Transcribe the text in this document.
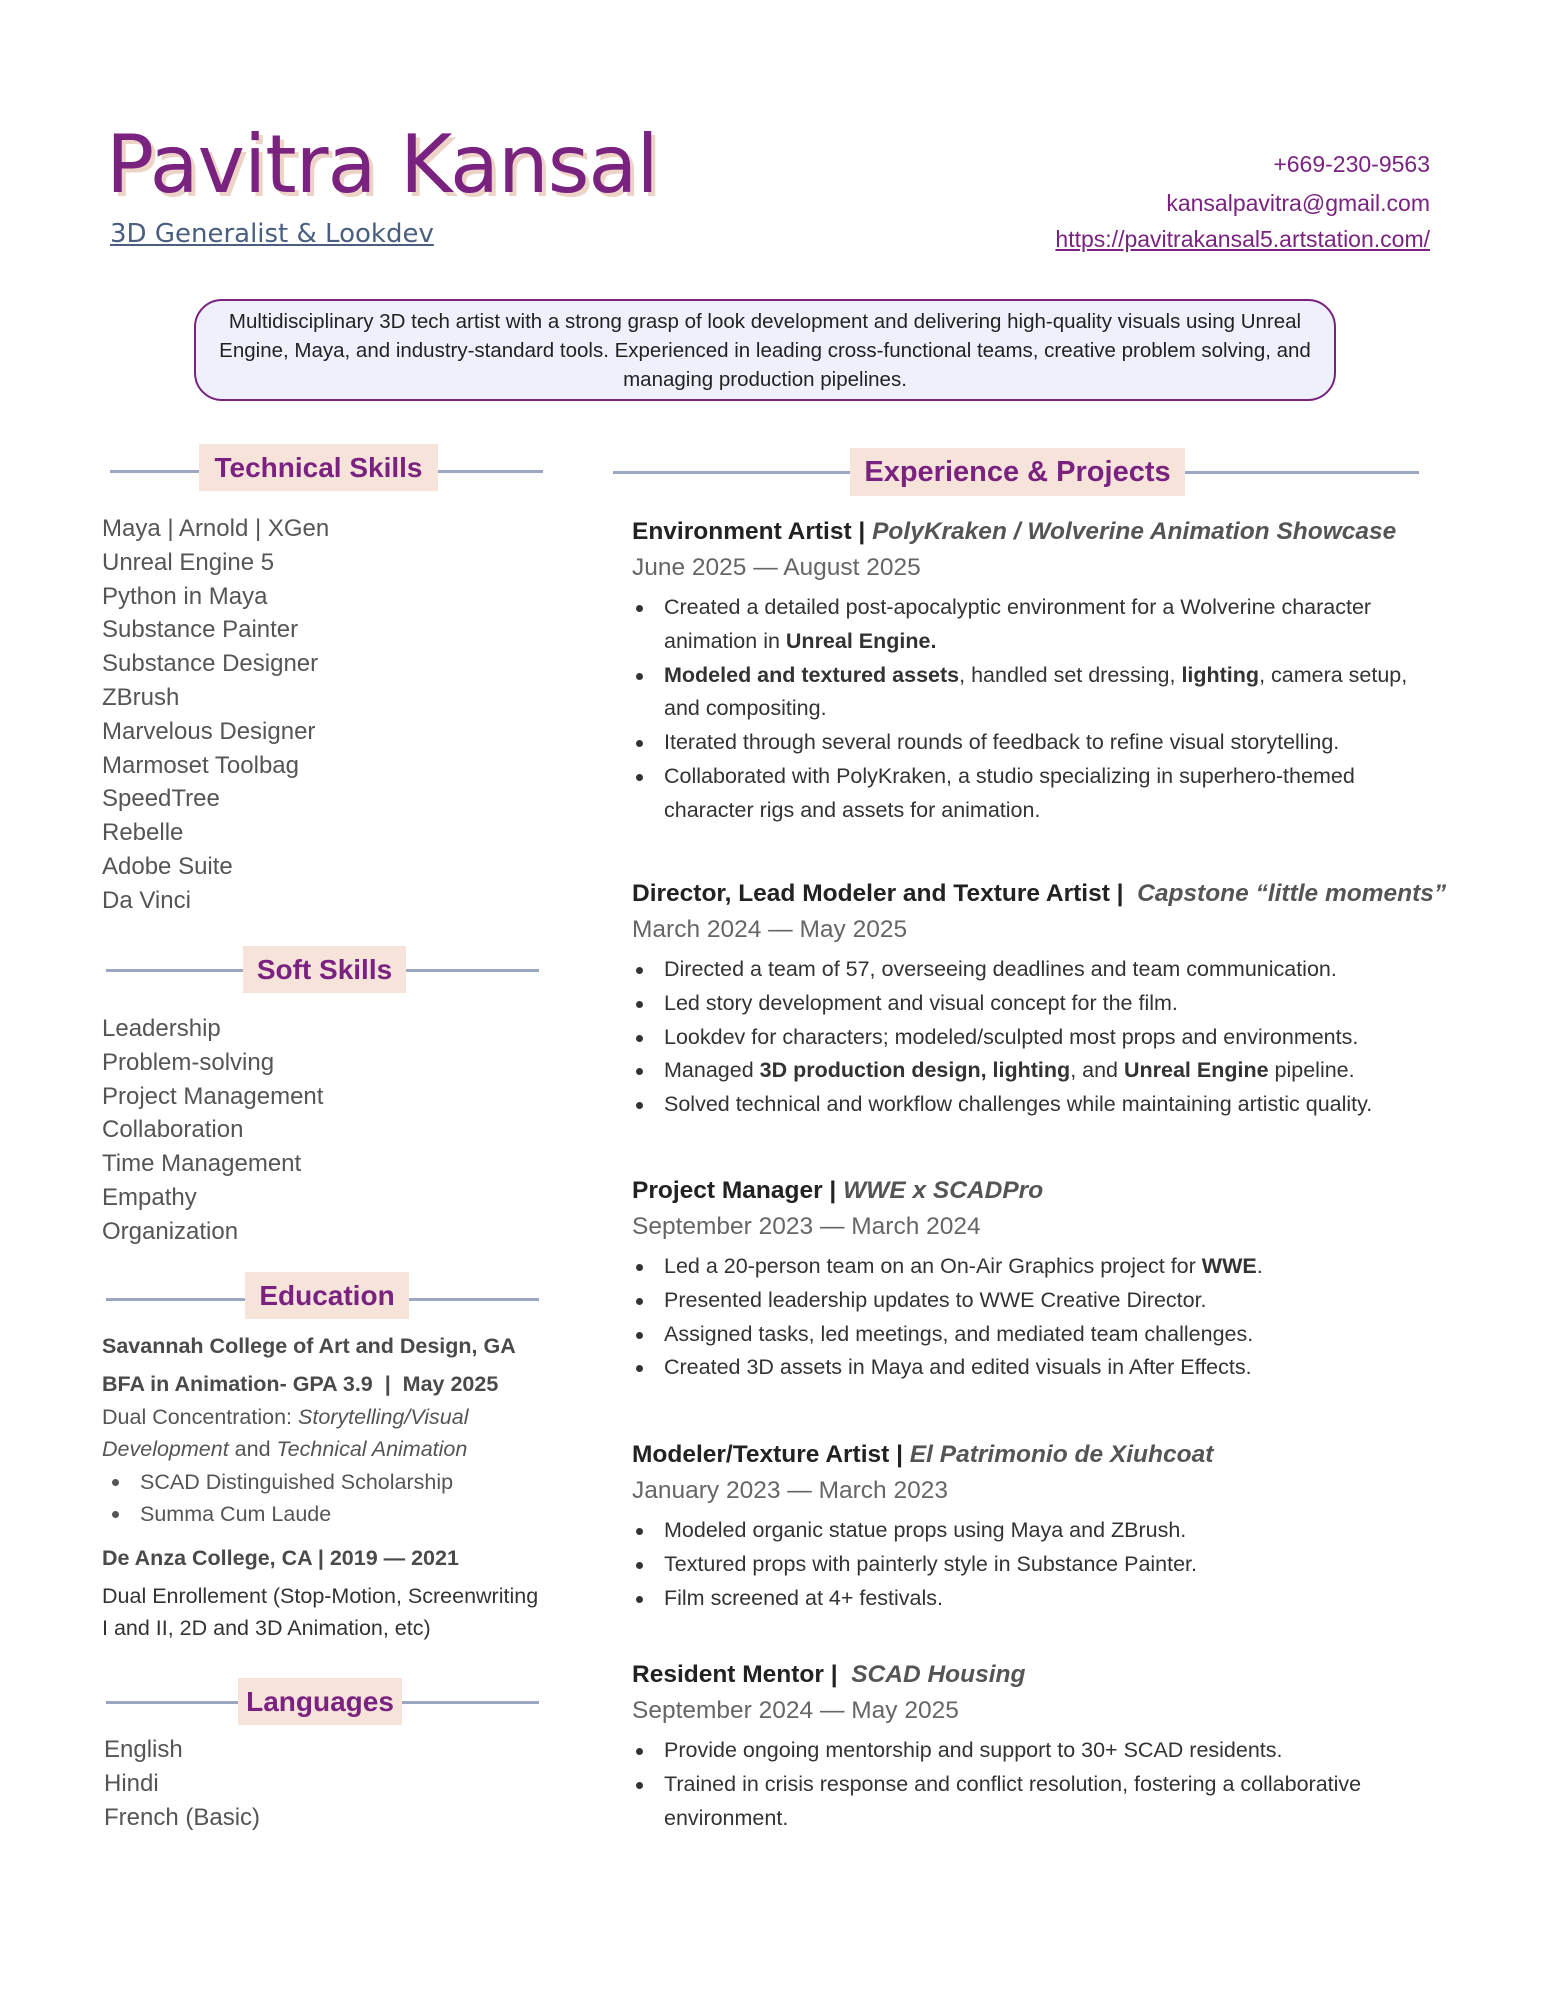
Pavitra Kansal
3D Generalist & Lookdev
+669-230-9563
kansalpavitra@gmail.com
https://pavitrakansal5.artstation.com/
Multidisciplinary 3D tech artist with a strong grasp of look development and delivering high-quality visuals using Unreal Engine, Maya, and industry-standard tools. Experienced in leading cross-functional teams, creative problem solving, and managing production pipelines.
Technical Skills
Maya | Arnold | XGen
Unreal Engine 5
Python in Maya
Substance Painter
Substance Designer
ZBrush
Marvelous Designer
Marmoset Toolbag
SpeedTree
Rebelle
Adobe Suite
Da Vinci
Soft Skills
Leadership
Problem-solving
Project Management
Collaboration
Time Management
Empathy
Organization
Education
Savannah College of Art and Design, GA
BFA in Animation- GPA 3.9  |  May 2025
Dual Concentration: Storytelling/Visual
Development and Technical Animation
SCAD Distinguished Scholarship
Summa Cum Laude
De Anza College, CA | 2019 — 2021
Dual Enrollement (Stop-Motion, Screenwriting
I and II, 2D and 3D Animation, etc)
Languages
English
Hindi
French (Basic)
Experience & Projects
Environment Artist | PolyKraken / Wolverine Animation Showcase
June 2025 — August 2025
Created a detailed post-apocalyptic environment for a Wolverine character animation in Unreal Engine.
Modeled and textured assets, handled set dressing, lighting, camera setup, and compositing.
Iterated through several rounds of feedback to refine visual storytelling.
Collaborated with PolyKraken, a studio specializing in superhero-themed character rigs and assets for animation.
Director, Lead Modeler and Texture Artist |  Capstone “little moments”
March 2024 — May 2025
Directed a team of 57, overseeing deadlines and team communication.
Led story development and visual concept for the film.
Lookdev for characters; modeled/sculpted most props and environments.
Managed 3D production design, lighting, and Unreal Engine pipeline.
Solved technical and workflow challenges while maintaining artistic quality.
Project Manager | WWE x SCADPro
September 2023 — March 2024
Led a 20-person team on an On-Air Graphics project for WWE.
Presented leadership updates to WWE Creative Director.
Assigned tasks, led meetings, and mediated team challenges.
Created 3D assets in Maya and edited visuals in After Effects.
Modeler/Texture Artist | El Patrimonio de Xiuhcoat
January 2023 — March 2023
Modeled organic statue props using Maya and ZBrush.
Textured props with painterly style in Substance Painter.
Film screened at 4+ festivals.
Resident Mentor |  SCAD Housing
September 2024 — May 2025
Provide ongoing mentorship and support to 30+ SCAD residents.
Trained in crisis response and conflict resolution, fostering a collaborative environment.
